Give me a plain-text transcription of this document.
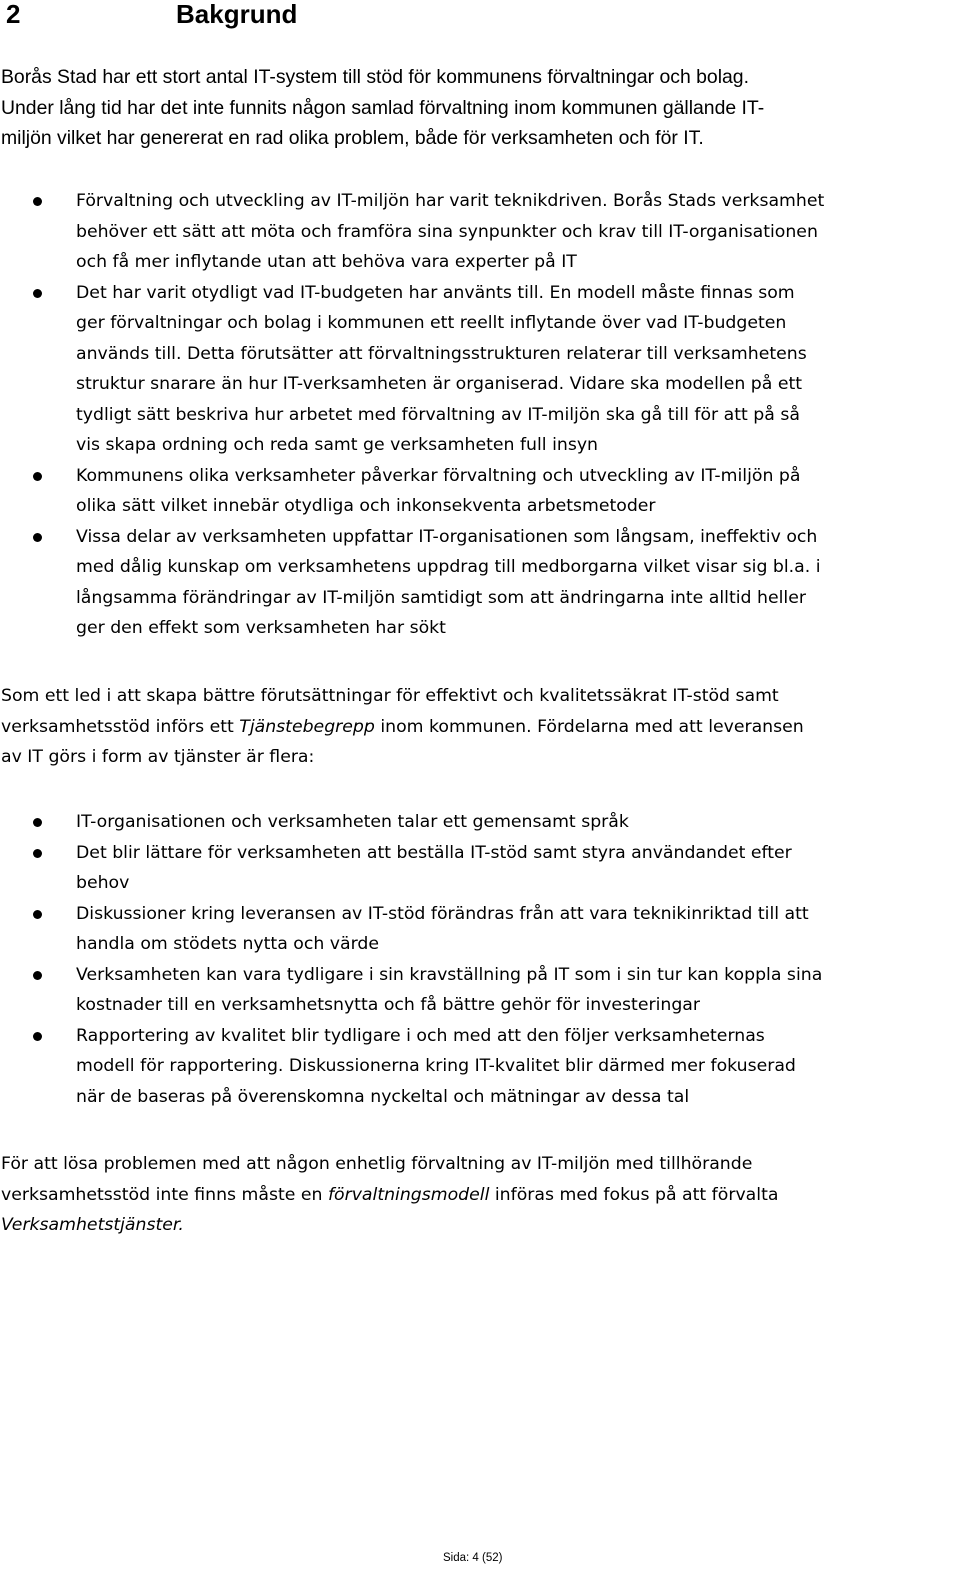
2	Bakgrund

Borås Stad har ett stort antal IT-system till stöd för kommunens förvaltningar och bolag.

Under lång tid har det inte funnits någon samlad förvaltning inom kommunen gällande IT-

miljön vilket har genererat en rad olika problem, både för verksamheten och för IT.

Förvaltning och utveckling av IT-miljön har varit teknikdriven. Borås Stads verksamhet
behöver ett sätt att möta och framföra sina synpunkter och krav till IT-organisationen
och få mer inflytande utan att behöva vara experter på IT
Det har varit otydligt vad IT-budgeten har använts till. En modell måste finnas som
ger förvaltningar och bolag i kommunen ett reellt inflytande över vad IT-budgeten
används till. Detta förutsätter att förvaltningsstrukturen relaterar till verksamhetens
struktur snarare än hur IT-verksamheten är organiserad. Vidare ska modellen på ett
tydligt sätt beskriva hur arbetet med förvaltning av IT-miljön ska gå till för att på så
vis skapa ordning och reda samt ge verksamheten full insyn
Kommunens olika verksamheter påverkar förvaltning och utveckling av IT-miljön på
olika sätt vilket innebär otydliga och inkonsekventa arbetsmetoder
Vissa delar av verksamheten uppfattar IT-organisationen som långsam, ineffektiv och
med dålig kunskap om verksamhetens uppdrag till medborgarna vilket visar sig bl.a. i
långsamma förändringar av IT-miljön samtidigt som att ändringarna inte alltid heller
ger den effekt som verksamheten har sökt
Som ett led i att skapa bättre förutsättningar för effektivt och kvalitetssäkrat IT-stöd samt
verksamhetsstöd införs ett Tjänstebegrepp inom kommunen. Fördelarna med att leveransen
av IT görs i form av tjänster är flera:
IT-organisationen och verksamheten talar ett gemensamt språk
Det blir lättare för verksamheten att beställa IT-stöd samt styra användandet efter
behov
Diskussioner kring leveransen av IT-stöd förändras från att vara teknikinriktad till att
handla om stödets nytta och värde
Verksamheten kan vara tydligare i sin kravställning på IT som i sin tur kan koppla sina
kostnader till en verksamhetsnytta och få bättre gehör för investeringar
Rapportering av kvalitet blir tydligare i och med att den följer verksamheternas
modell för rapportering. Diskussionerna kring IT-kvalitet blir därmed mer fokuserad
när de baseras på överenskomna nyckeltal och mätningar av dessa tal
För att lösa problemen med att någon enhetlig förvaltning av IT-miljön med tillhörande
verksamhetsstöd inte finns måste en förvaltningsmodell införas med fokus på att förvalta
Verksamhetstjänster.
Sida: 4 (52)
